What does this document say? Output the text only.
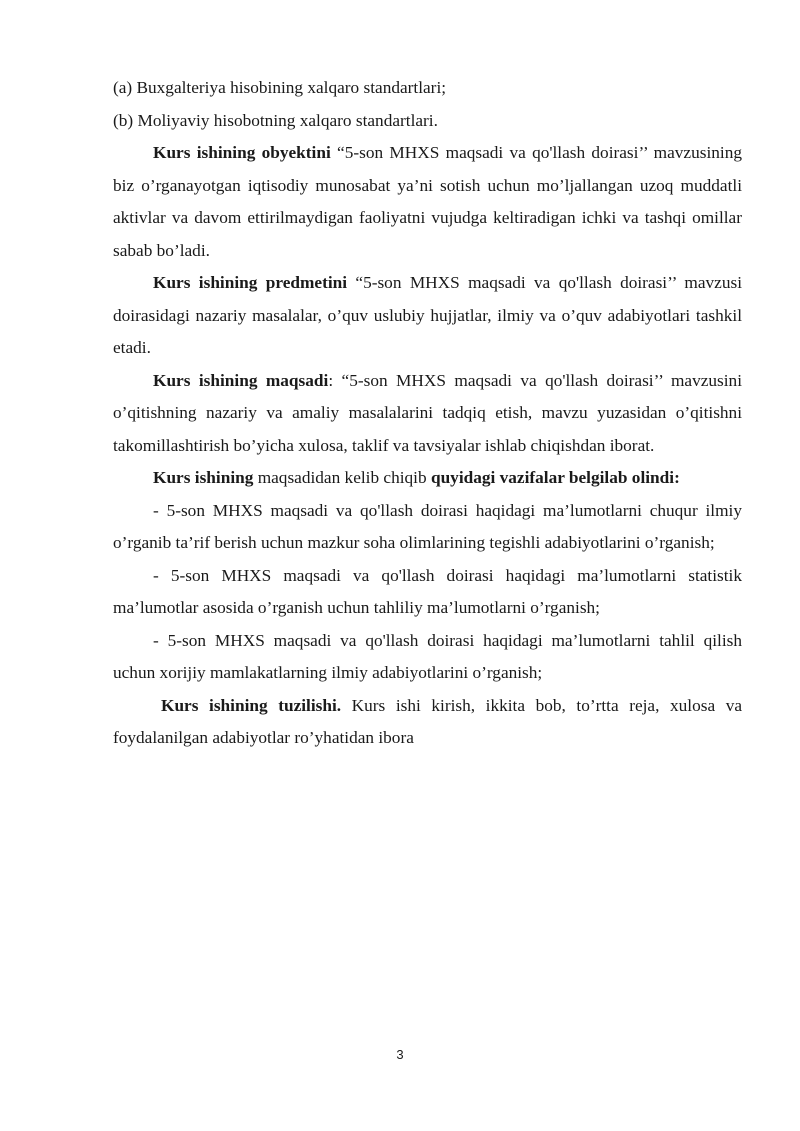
(a) Buxgalteriya hisobining xalqaro standartlari;

(b) Moliyaviy hisobotning xalqaro standartlari.

Kurs ishining obyektini “5-son MHXS maqsadi va qo'llash doirasi’’ mavzusining biz o’rganayotgan iqtisodiy munosabat ya’ni sotish uchun mo’ljallangan uzoq muddatli aktivlar va davom ettirilmaydigan faoliyatni vujudga keltiradigan ichki va tashqi omillar sabab bo’ladi.

Kurs ishining predmetini “5-son MHXS maqsadi va qo'llash doirasi’’ mavzusi doirasidagi nazariy masalalar, o’quv uslubiy hujjatlar, ilmiy va o’quv adabiyotlari tashkil etadi.

Kurs ishining maqsadi: “5-son MHXS maqsadi va qo'llash doirasi’’ mavzusini o’qitishning nazariy va amaliy masalalarini tadqiq etish, mavzu yuzasidan o’qitishni takomillashtirish bo’yicha xulosa, taklif va tavsiyalar ishlab chiqishdan iborat.

Kurs ishining maqsadidan kelib chiqib quyidagi vazifalar belgilab olindi:

- 5-son MHXS maqsadi va qo'llash doirasi haqidagi ma’lumotlarni chuqur ilmiy o’rganib ta’rif berish uchun mazkur soha olimlarining tegishli adabiyotlarini o’rganish;

- 5-son MHXS maqsadi va qo'llash doirasi haqidagi ma’lumotlarni statistik ma’lumotlar asosida o’rganish uchun tahliliy ma’lumotlarni o’rganish;

- 5-son MHXS maqsadi va qo'llash doirasi haqidagi ma’lumotlarni tahlil qilish uchun xorijiy mamlakatlarning ilmiy adabiyotlarini o’rganish;

Kurs ishining tuzilishi. Kurs ishi kirish, ikkita bob, to’rtta reja, xulosa va foydalanilgan adabiyotlar ro’yhatidan ibora

3
